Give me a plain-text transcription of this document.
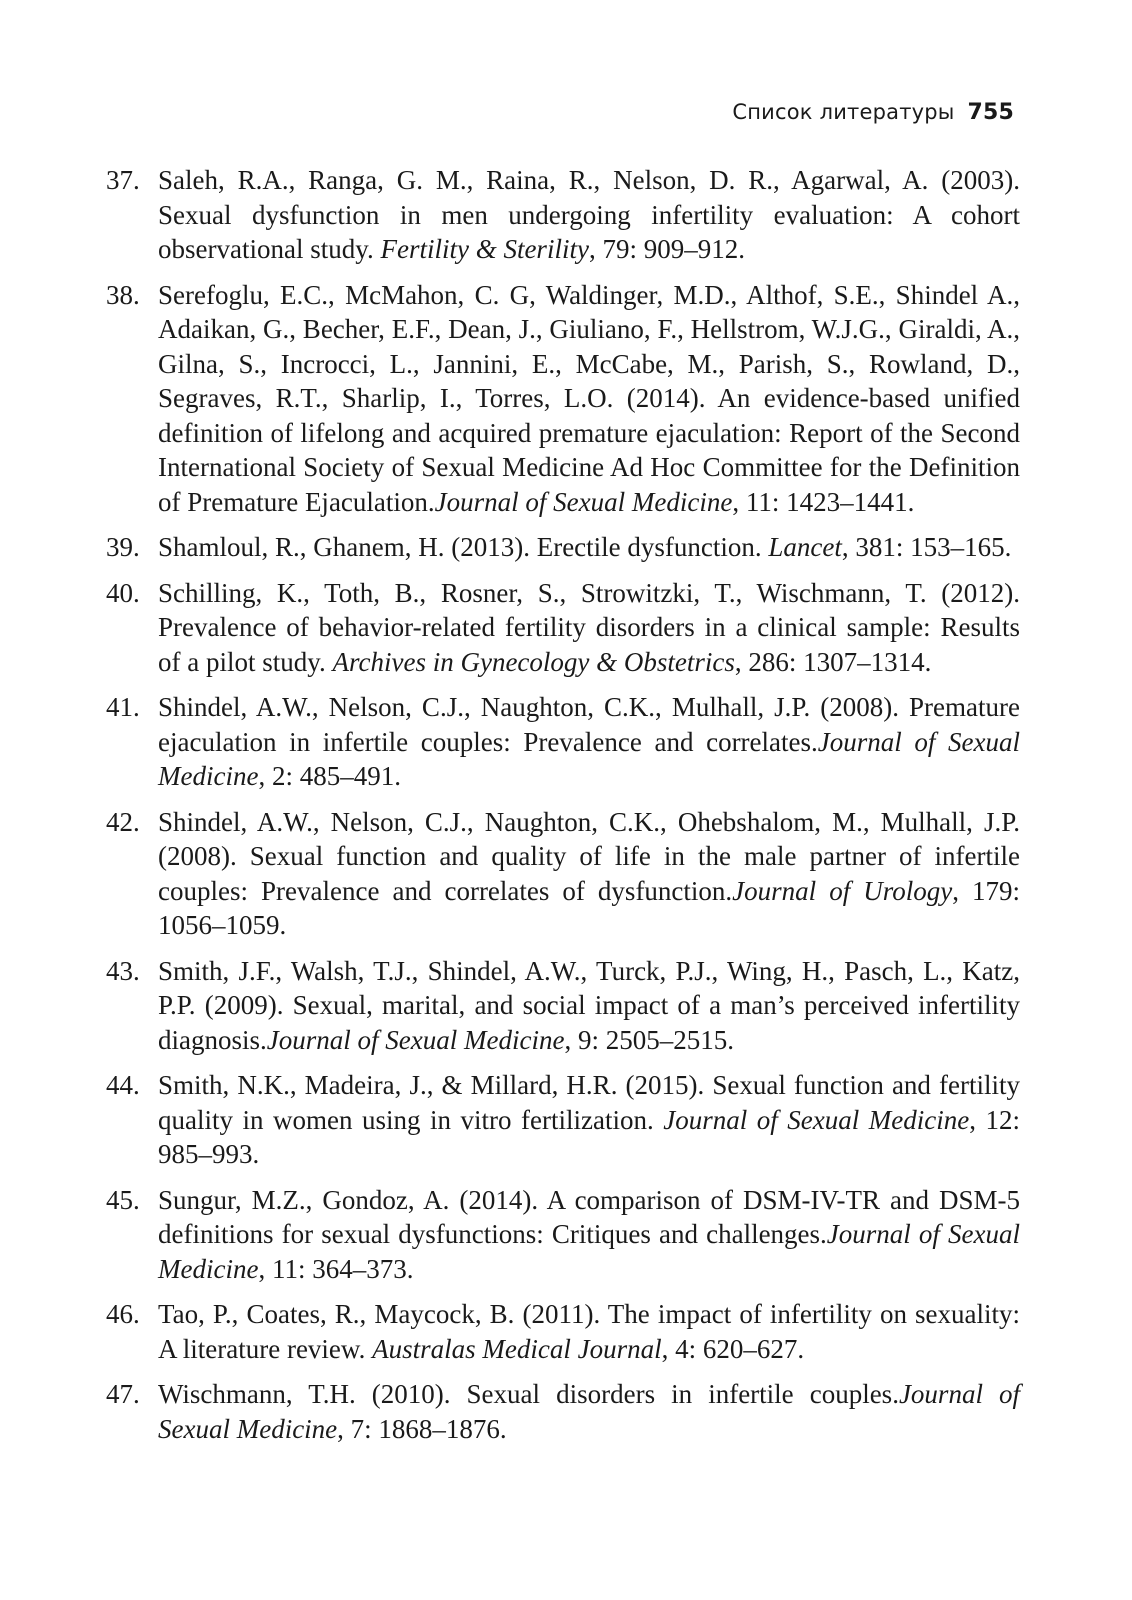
Список литературы 755
37. Saleh, R.A., Ranga, G. M., Raina, R., Nelson, D. R., Agarwal, A. (2003). Sexual dysfunction in men undergoing infertility evaluation: A cohort observational study. Fertility & Sterility, 79: 909–912.
38. Serefoglu, E.C., McMahon, C. G, Waldinger, M.D., Althof, S.E., Shindel A., Adaikan, G., Becher, E.F., Dean, J., Giuliano, F., Hellstrom, W.J.G., Giraldi, A., Gilna, S., Incrocci, L., Jannini, E., McCabe, M., Parish, S., Rowland, D., Segraves, R.T., Sharlip, I., Torres, L.O. (2014). An evidence-based unified definition of lifelong and acquired premature ejaculation: Report of the Second International Society of Sexual Medicine Ad Hoc Committee for the Definition of Premature Ejaculation.Journal of Sexual Medicine, 11: 1423–1441.
39. Shamloul, R., Ghanem, H. (2013). Erectile dysfunction. Lancet, 381: 153–165.
40. Schilling, K., Toth, B., Rosner, S., Strowitzki, T., Wischmann, T. (2012). Prevalence of behavior-related fertility disorders in a clinical sample: Results of a pilot study. Archives in Gynecology & Obstetrics, 286: 1307–1314.
41. Shindel, A.W., Nelson, C.J., Naughton, C.K., Mulhall, J.P. (2008). Premature ejaculation in infertile couples: Prevalence and correlates.Journal of Sexual Medicine, 2: 485–491.
42. Shindel, A.W., Nelson, C.J., Naughton, C.K., Ohebshalom, M., Mulhall, J.P. (2008). Sexual function and quality of life in the male partner of infertile couples: Prevalence and correlates of dysfunction.Journal of Urology, 179: 1056–1059.
43. Smith, J.F., Walsh, T.J., Shindel, A.W., Turck, P.J., Wing, H., Pasch, L., Katz, P.P. (2009). Sexual, marital, and social impact of a man’s perceived infertility diagnosis.Journal of Sexual Medicine, 9: 2505–2515.
44. Smith, N.K., Madeira, J., & Millard, H.R. (2015). Sexual function and fertility quality in women using in vitro fertilization. Journal of Sexual Medicine, 12: 985–993.
45. Sungur, M.Z., Gondoz, A. (2014). A comparison of DSM-IV-TR and DSM-5 definitions for sexual dysfunctions: Critiques and challenges.Journal of Sexual Medicine, 11: 364–373.
46. Tao, P., Coates, R., Maycock, B. (2011). The impact of infertility on sexuality: A literature review. Australas Medical Journal, 4: 620–627.
47. Wischmann, T.H. (2010). Sexual disorders in infertile couples.Journal of Sexual Medicine, 7: 1868–1876.
